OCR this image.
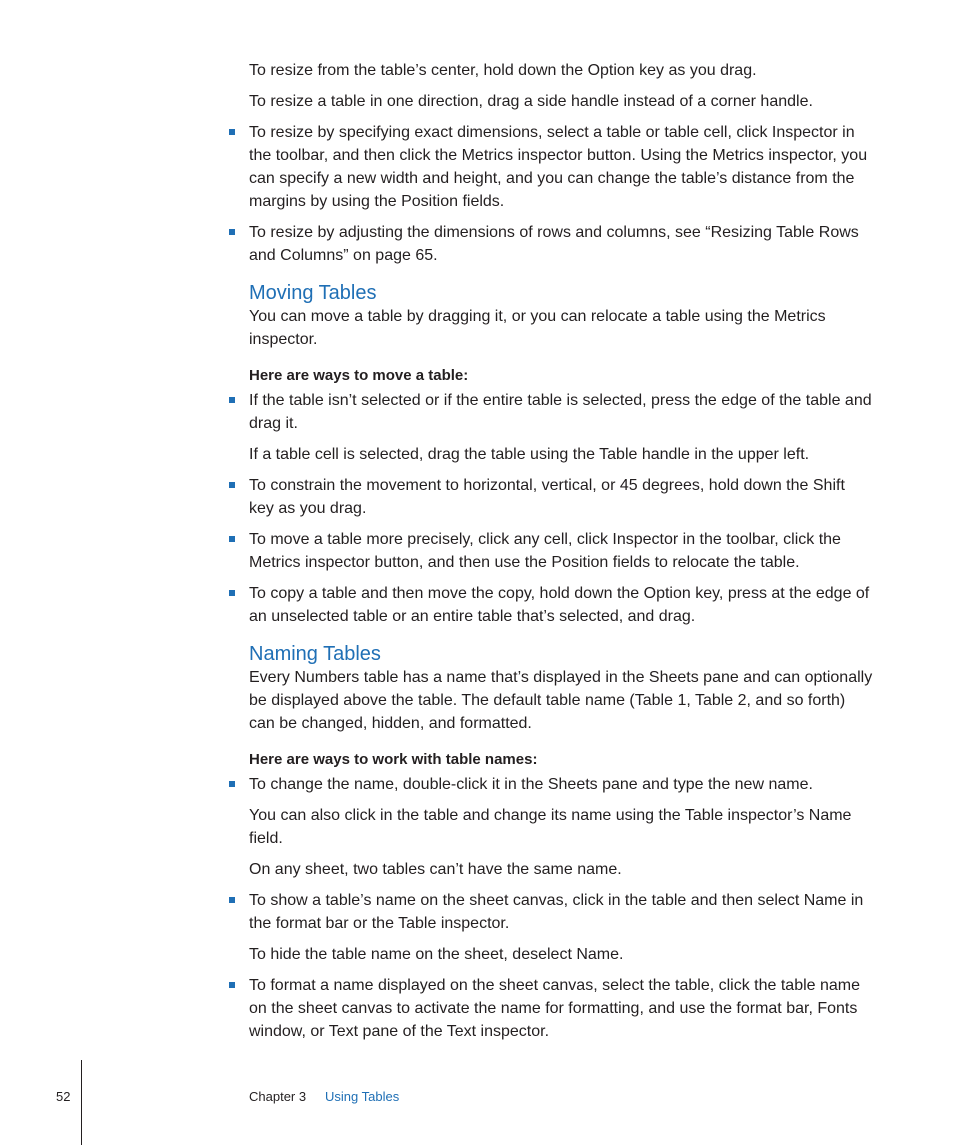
To resize from the table’s center, hold down the Option key as you drag.

To resize a table in one direction, drag a side handle instead of a corner handle.

To resize by specifying exact dimensions, select a table or table cell, click Inspector in the toolbar, and then click the Metrics inspector button. Using the Metrics inspector, you can specify a new width and height, and you can change the table’s distance from the margins by using the Position fields.
To resize by adjusting the dimensions of rows and columns, see “Resizing Table Rows and Columns” on page 65.
Moving Tables

You can move a table by dragging it, or you can relocate a table using the Metrics inspector.

Here are ways to move a table:

If the table isn’t selected or if the entire table is selected, press the edge of the table and drag it.

If a table cell is selected, drag the table using the Table handle in the upper left.

To constrain the movement to horizontal, vertical, or 45 degrees, hold down the Shift key as you drag.
To move a table more precisely, click any cell, click Inspector in the toolbar, click the Metrics inspector button, and then use the Position fields to relocate the table.
To copy a table and then move the copy, hold down the Option key, press at the edge of an unselected table or an entire table that’s selected, and drag.
Naming Tables

Every Numbers table has a name that’s displayed in the Sheets pane and can optionally be displayed above the table. The default table name (Table 1, Table 2, and so forth) can be changed, hidden, and formatted.

Here are ways to work with table names:

To change the name, double-click it in the Sheets pane and type the new name.

You can also click in the table and change its name using the Table inspector’s Name field.

On any sheet, two tables can’t have the same name.

To show a table’s name on the sheet canvas, click in the table and then select Name in the format bar or the Table inspector.

To hide the table name on the sheet, deselect Name.

To format a name displayed on the sheet canvas, select the table, click the table name on the sheet canvas to activate the name for formatting, and use the format bar, Fonts window, or Text pane of the Text inspector.
52	Chapter 3 Using Tables
